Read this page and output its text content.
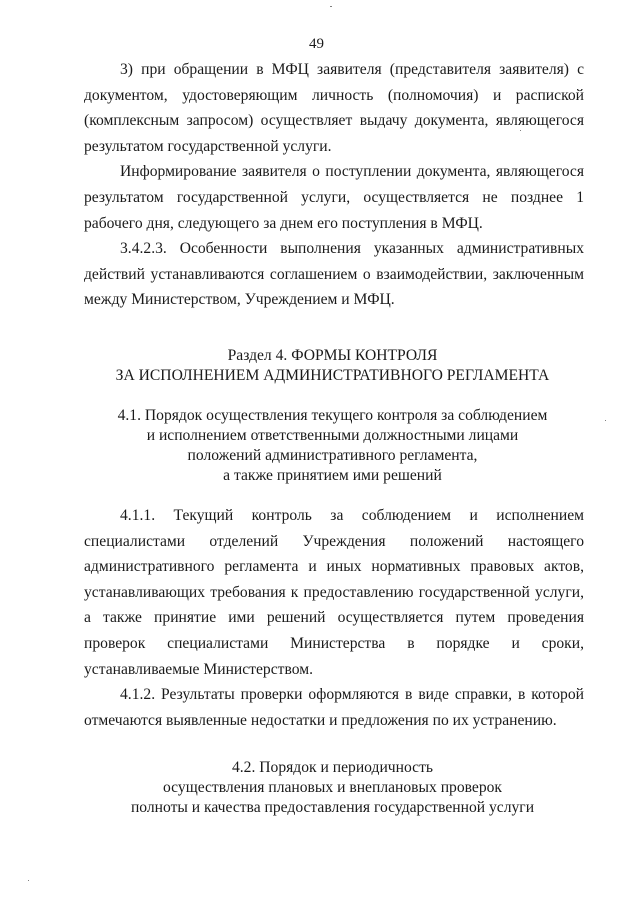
49

3) при обращении в МФЦ заявителя (представителя заявителя) с документом, удостоверяющим личность (полномочия) и распиской (комплексным запросом) осуществляет выдачу документа, являющегося результатом государственной услуги.

Информирование заявителя о поступлении документа, являющегося результатом государственной услуги, осуществляется не позднее 1 рабочего дня, следующего за днем его поступления в МФЦ.

3.4.2.3. Особенности выполнения указанных административных действий устанавливаются соглашением о взаимодействии, заключенным между Министерством, Учреждением и МФЦ.

Раздел 4. ФОРМЫ КОНТРОЛЯ
ЗА ИСПОЛНЕНИЕМ АДМИНИСТРАТИВНОГО РЕГЛАМЕНТА
4.1. Порядок осуществления текущего контроля за соблюдением
и исполнением ответственными должностными лицами
положений административного регламента,
а также принятием ими решений

4.1.1. Текущий контроль за соблюдением и исполнением специалистами отделений Учреждения положений настоящего административного регламента и иных нормативных правовых актов, устанавливающих требования к предоставлению государственной услуги, а также принятие ими решений осуществляется путем проведения проверок специалистами Министерства в порядке и сроки, устанавливаемые Министерством.

4.1.2. Результаты проверки оформляются в виде справки, в которой отмечаются выявленные недостатки и предложения по их устранению.

4.2. Порядок и периодичность
осуществления плановых и внеплановых проверок
полноты и качества предоставления государственной услуги
